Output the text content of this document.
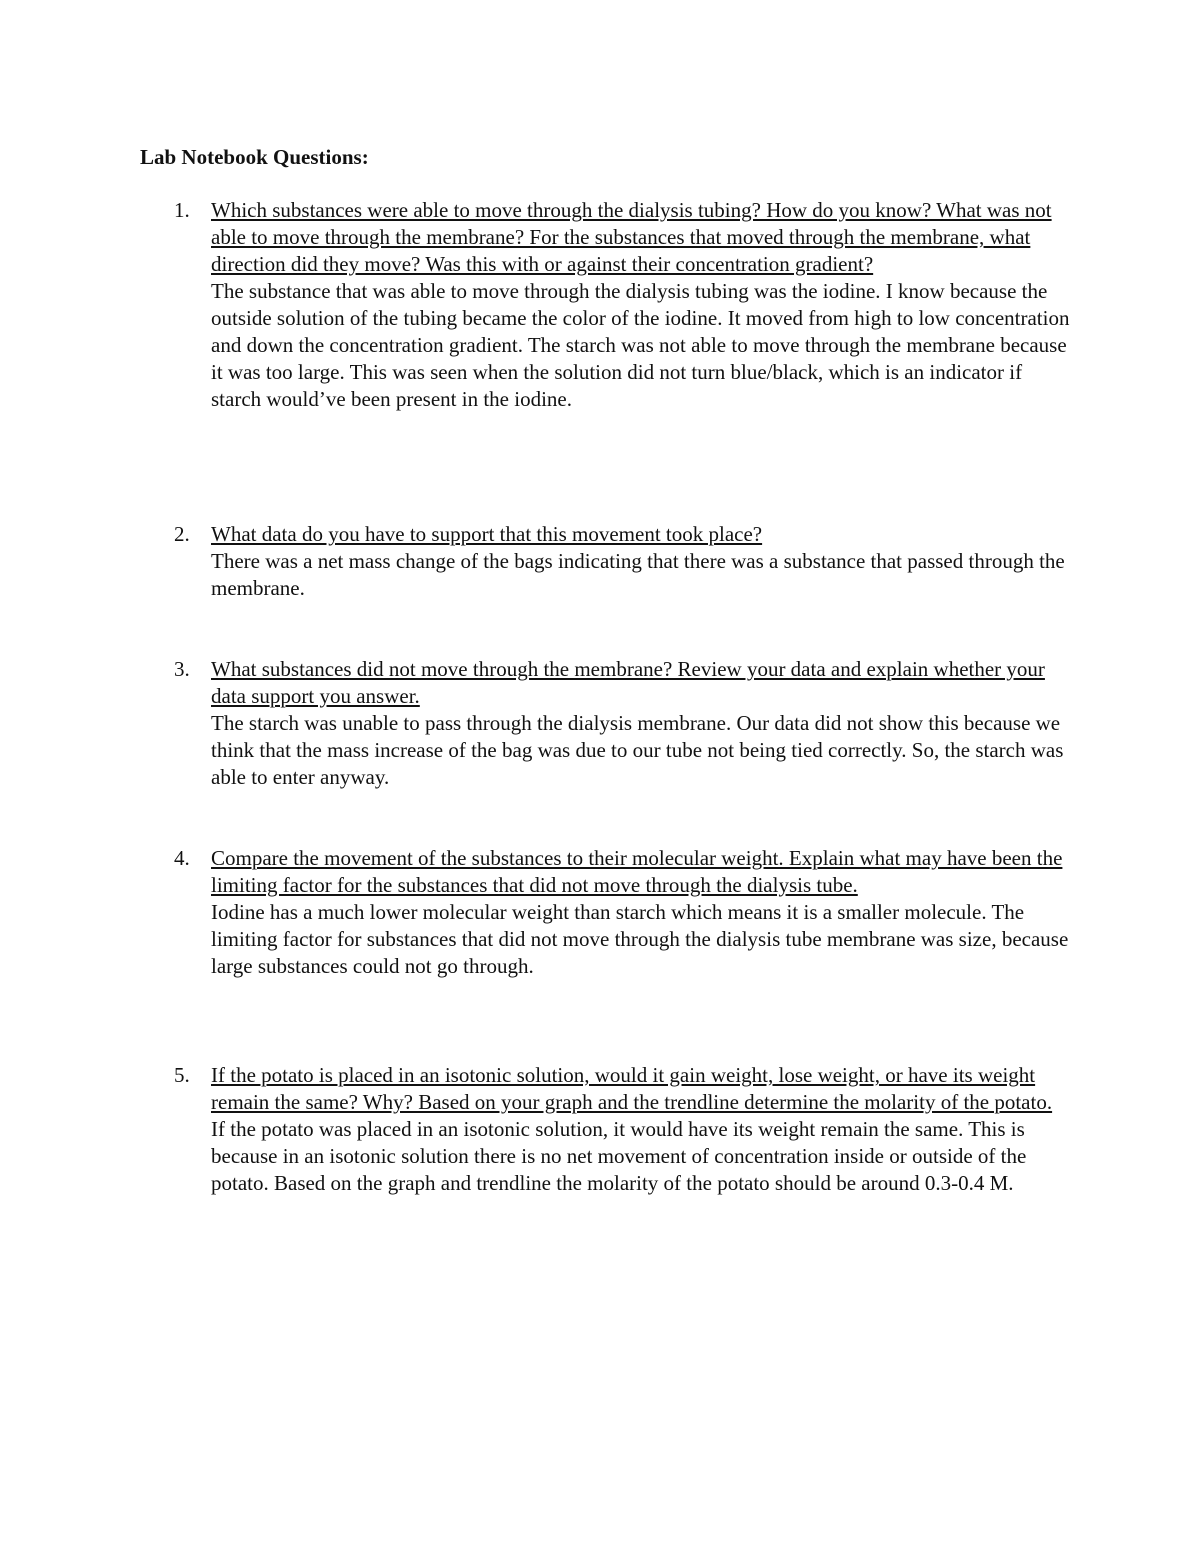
Lab Notebook Questions:
1.	Which substances were able to move through the dialysis tubing? How do you know? What was not able to move through the membrane? For the substances that moved through the membrane, what direction did they move? Was this with or against their concentration gradient?
The substance that was able to move through the dialysis tubing was the iodine. I know because the outside solution of the tubing became the color of the iodine. It moved from high to low concentration and down the concentration gradient. The starch was not able to move through the membrane because it was too large. This was seen when the solution did not turn blue/black, which is an indicator if starch would’ve been present in the iodine.
2.	What data do you have to support that this movement took place?
There was a net mass change of the bags indicating that there was a substance that passed through the membrane.
3.	What substances did not move through the membrane? Review your data and explain whether your data support you answer.
The starch was unable to pass through the dialysis membrane. Our data did not show this because we think that the mass increase of the bag was due to our tube not being tied correctly. So, the starch was able to enter anyway.
4.	Compare the movement of the substances to their molecular weight. Explain what may have been the limiting factor for the substances that did not move through the dialysis tube.
Iodine has a much lower molecular weight than starch which means it is a smaller molecule. The limiting factor for substances that did not move through the dialysis tube membrane was size, because large substances could not go through.
5.	If the potato is placed in an isotonic solution, would it gain weight, lose weight, or have its weight remain the same? Why? Based on your graph and the trendline determine the molarity of the potato.
If the potato was placed in an isotonic solution, it would have its weight remain the same. This is because in an isotonic solution there is no net movement of concentration inside or outside of the potato. Based on the graph and trendline the molarity of the potato should be around 0.3-0.4 M.
